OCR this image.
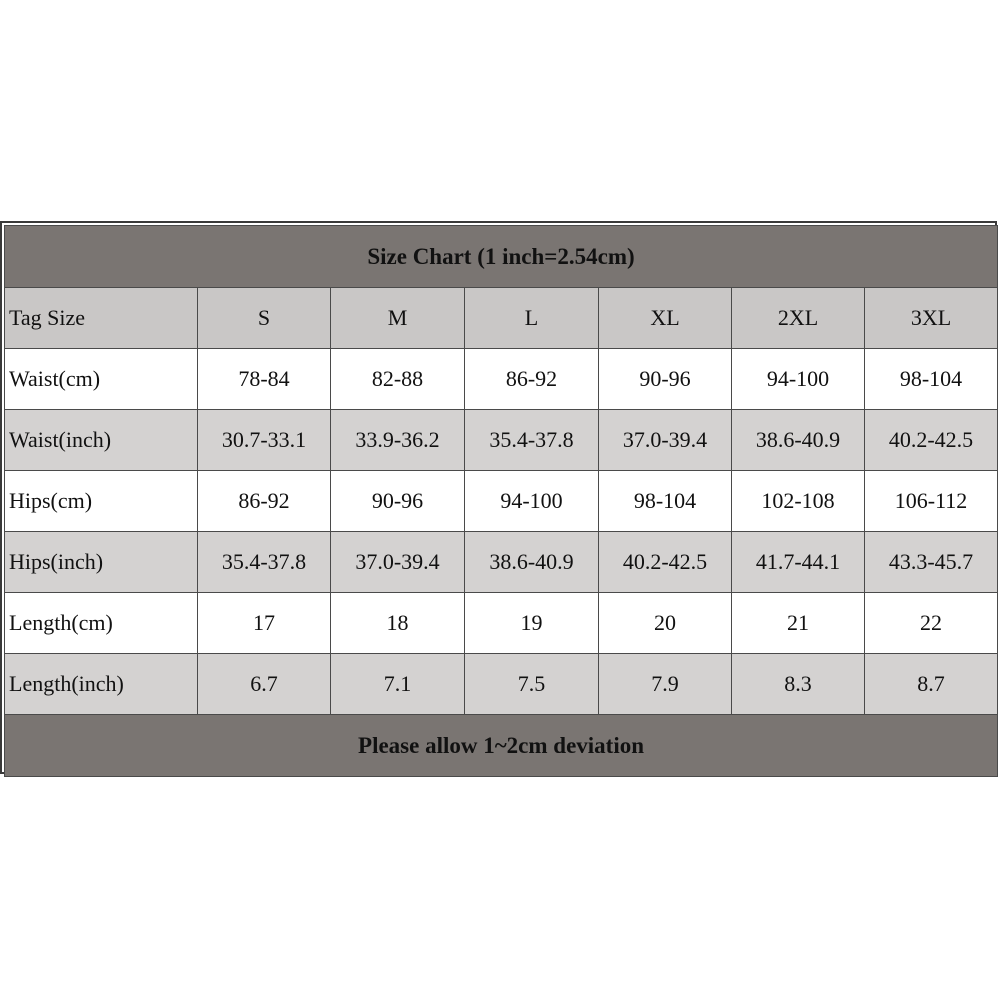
Size Chart (1 inch=2.54cm)						
Tag Size	S	M	L	XL	2XL	3XL
Waist(cm)	78-84	82-88	86-92	90-96	94-100	98-104
Waist(inch)	30.7-33.1	33.9-36.2	35.4-37.8	37.0-39.4	38.6-40.9	40.2-42.5
Hips(cm)	86-92	90-96	94-100	98-104	102-108	106-112
Hips(inch)	35.4-37.8	37.0-39.4	38.6-40.9	40.2-42.5	41.7-44.1	43.3-45.7
Length(cm)	17	18	19	20	21	22
Length(inch)	6.7	7.1	7.5	7.9	8.3	8.7
Please allow 1~2cm deviation						
